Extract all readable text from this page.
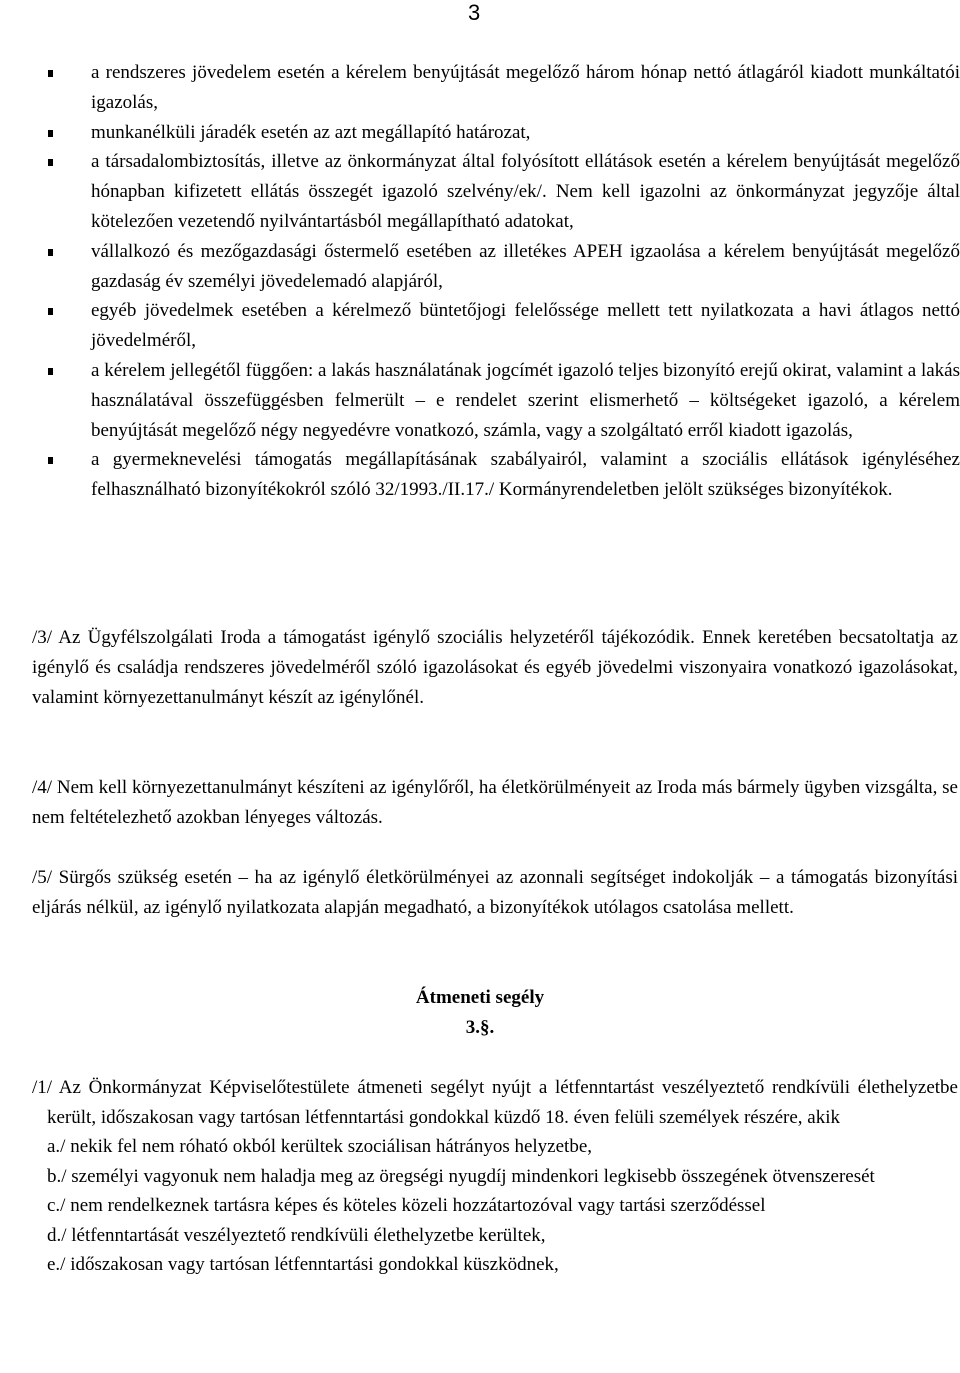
3
a rendszeres jövedelem esetén a kérelem benyújtását megelőző három hónap nettó átlagáról kiadott munkáltatói igazolás,
munkanélküli járadék esetén az azt megállapító határozat,
a társadalombiztosítás, illetve az önkormányzat által folyósított ellátások esetén a kérelem benyújtását megelőző hónapban kifizetett ellátás összegét igazoló szelvény/ek/. Nem kell igazolni az önkormányzat jegyzője által kötelezően vezetendő nyilvántartásból megállapítható adatokat,
vállalkozó és mezőgazdasági őstermelő esetében az illetékes APEH igzaolása a kérelem benyújtását megelőző gazdaság év személyi jövedelemadó alapjáról,
egyéb jövedelmek esetében a kérelmező büntetőjogi felelőssége mellett tett nyilatkozata a havi átlagos nettó jövedelméről,
a kérelem jellegétől függően: a lakás használatának jogcímét igazoló teljes bizonyító erejű okirat, valamint a lakás használatával összefüggésben felmerült – e rendelet szerint elismerhető – költségeket igazoló, a kérelem benyújtását megelőző négy negyedévre vonatkozó, számla, vagy a szolgáltató erről kiadott igazolás,
a gyermeknevelési támogatás megállapításának szabályairól, valamint a szociális ellátások igényléséhez felhasználható bizonyítékokról szóló 32/1993./II.17./ Kormányrendeletben jelölt szükséges bizonyítékok.
/3/ Az Ügyfélszolgálati Iroda a támogatást igénylő szociális helyzetéről tájékozódik. Ennek keretében becsatoltatja az igénylő és családja rendszeres jövedelméről szóló igazolásokat és egyéb jövedelmi viszonyaira vonatkozó igazolásokat, valamint környezettanulmányt készít az igénylőnél.
/4/ Nem kell környezettanulmányt készíteni az igénylőről, ha életkörülményeit az Iroda más bármely ügyben vizsgálta, se nem feltételezhető azokban lényeges változás.
/5/ Sürgős szükség esetén – ha az igénylő életkörülményei az azonnali segítséget indokolják – a támogatás bizonyítási eljárás nélkül, az igénylő nyilatkozata alapján megadható, a bizonyítékok utólagos csatolása mellett.
Átmeneti segély
3.§.
/1/ Az Önkormányzat Képviselőtestülete átmeneti segélyt nyújt a létfenntartást veszélyeztető rendkívüli élethelyzetbe került, időszakosan vagy tartósan létfenntartási gondokkal küzdő 18. éven felüli személyek részére, akik
a./ nekik fel nem róható okból kerültek szociálisan hátrányos helyzetbe,
b./ személyi vagyonuk nem haladja meg az öregségi nyugdíj mindenkori legkisebb összegének ötvenszeresét
c./ nem rendelkeznek tartásra képes és köteles közeli hozzátartozóval vagy tartási szerződéssel
d./ létfenntartását veszélyeztető rendkívüli élethelyzetbe kerültek,
e./ időszakosan vagy tartósan létfenntartási gondokkal küszködnek,
